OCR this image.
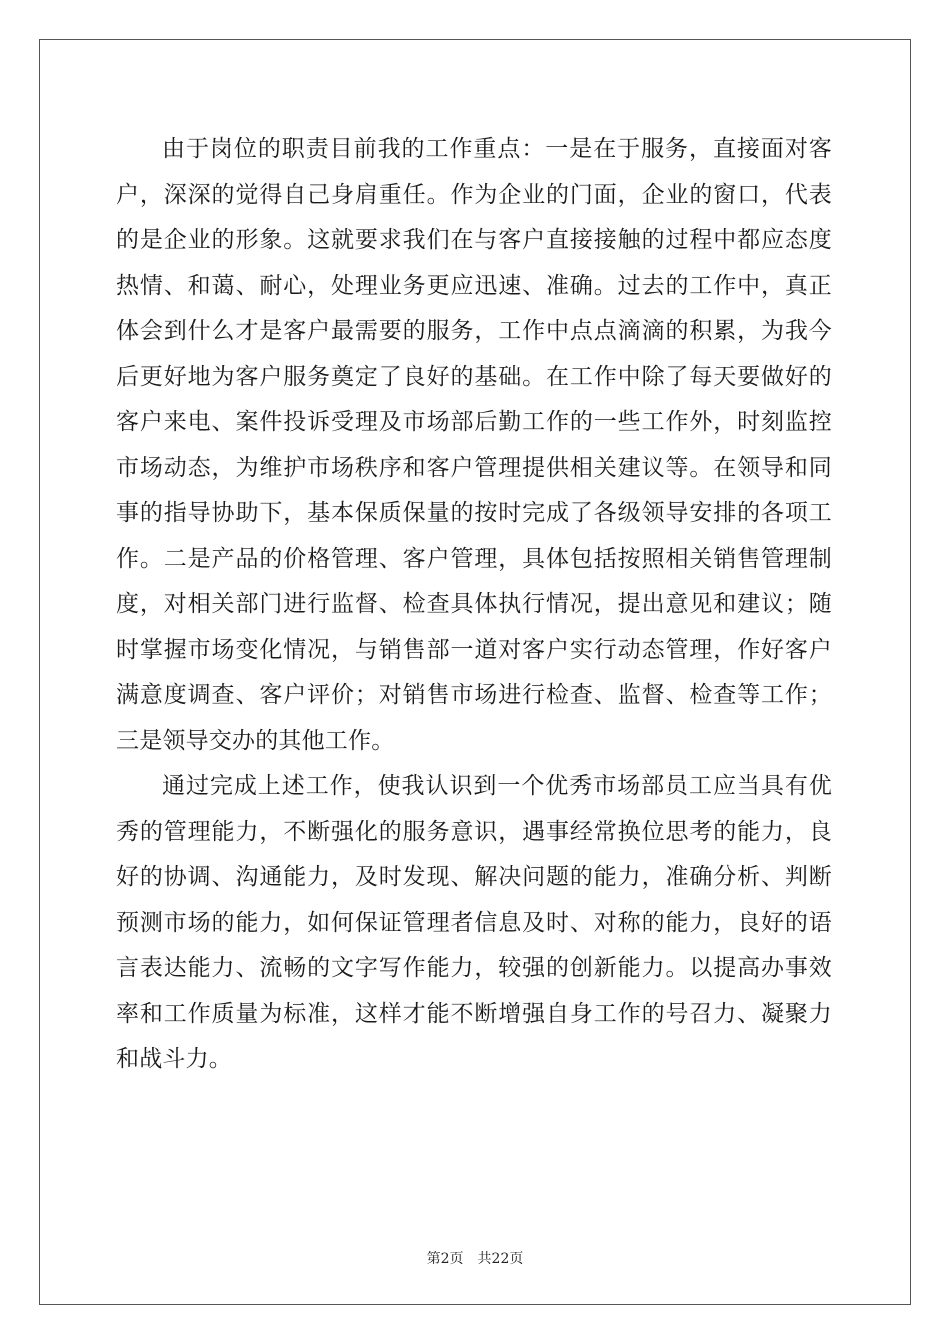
由于岗位的职责目前我的工作重点：一是在于服务，直接面对客户，深深的觉得自己身肩重任。作为企业的门面，企业的窗口，代表的是企业的形象。这就要求我们在与客户直接接触的过程中都应态度热情、和蔼、耐心，处理业务更应迅速、准确。过去的工作中，真正体会到什么才是客户最需要的服务，工作中点点滴滴的积累，为我今后更好地为客户服务奠定了良好的基础。在工作中除了每天要做好的客户来电、案件投诉受理及市场部后勤工作的一些工作外，时刻监控市场动态，为维护市场秩序和客户管理提供相关建议等。在领导和同事的指导协助下，基本保质保量的按时完成了各级领导安排的各项工作。二是产品的价格管理、客户管理，具体包括按照相关销售管理制度，对相关部门进行监督、检查具体执行情况，提出意见和建议；随时掌握市场变化情况，与销售部一道对客户实行动态管理，作好客户满意度调查、客户评价；对销售市场进行检查、监督、检查等工作；三是领导交办的其他工作。

通过完成上述工作，使我认识到一个优秀市场部员工应当具有优秀的管理能力，不断强化的服务意识，遇事经常换位思考的能力，良好的协调、沟通能力，及时发现、解决问题的能力，准确分析、判断预测市场的能力，如何保证管理者信息及时、对称的能力，良好的语言表达能力、流畅的文字写作能力，较强的创新能力。以提高办事效率和工作质量为标准，这样才能不断增强自身工作的号召力、凝聚力和战斗力。

第2页 共22页
